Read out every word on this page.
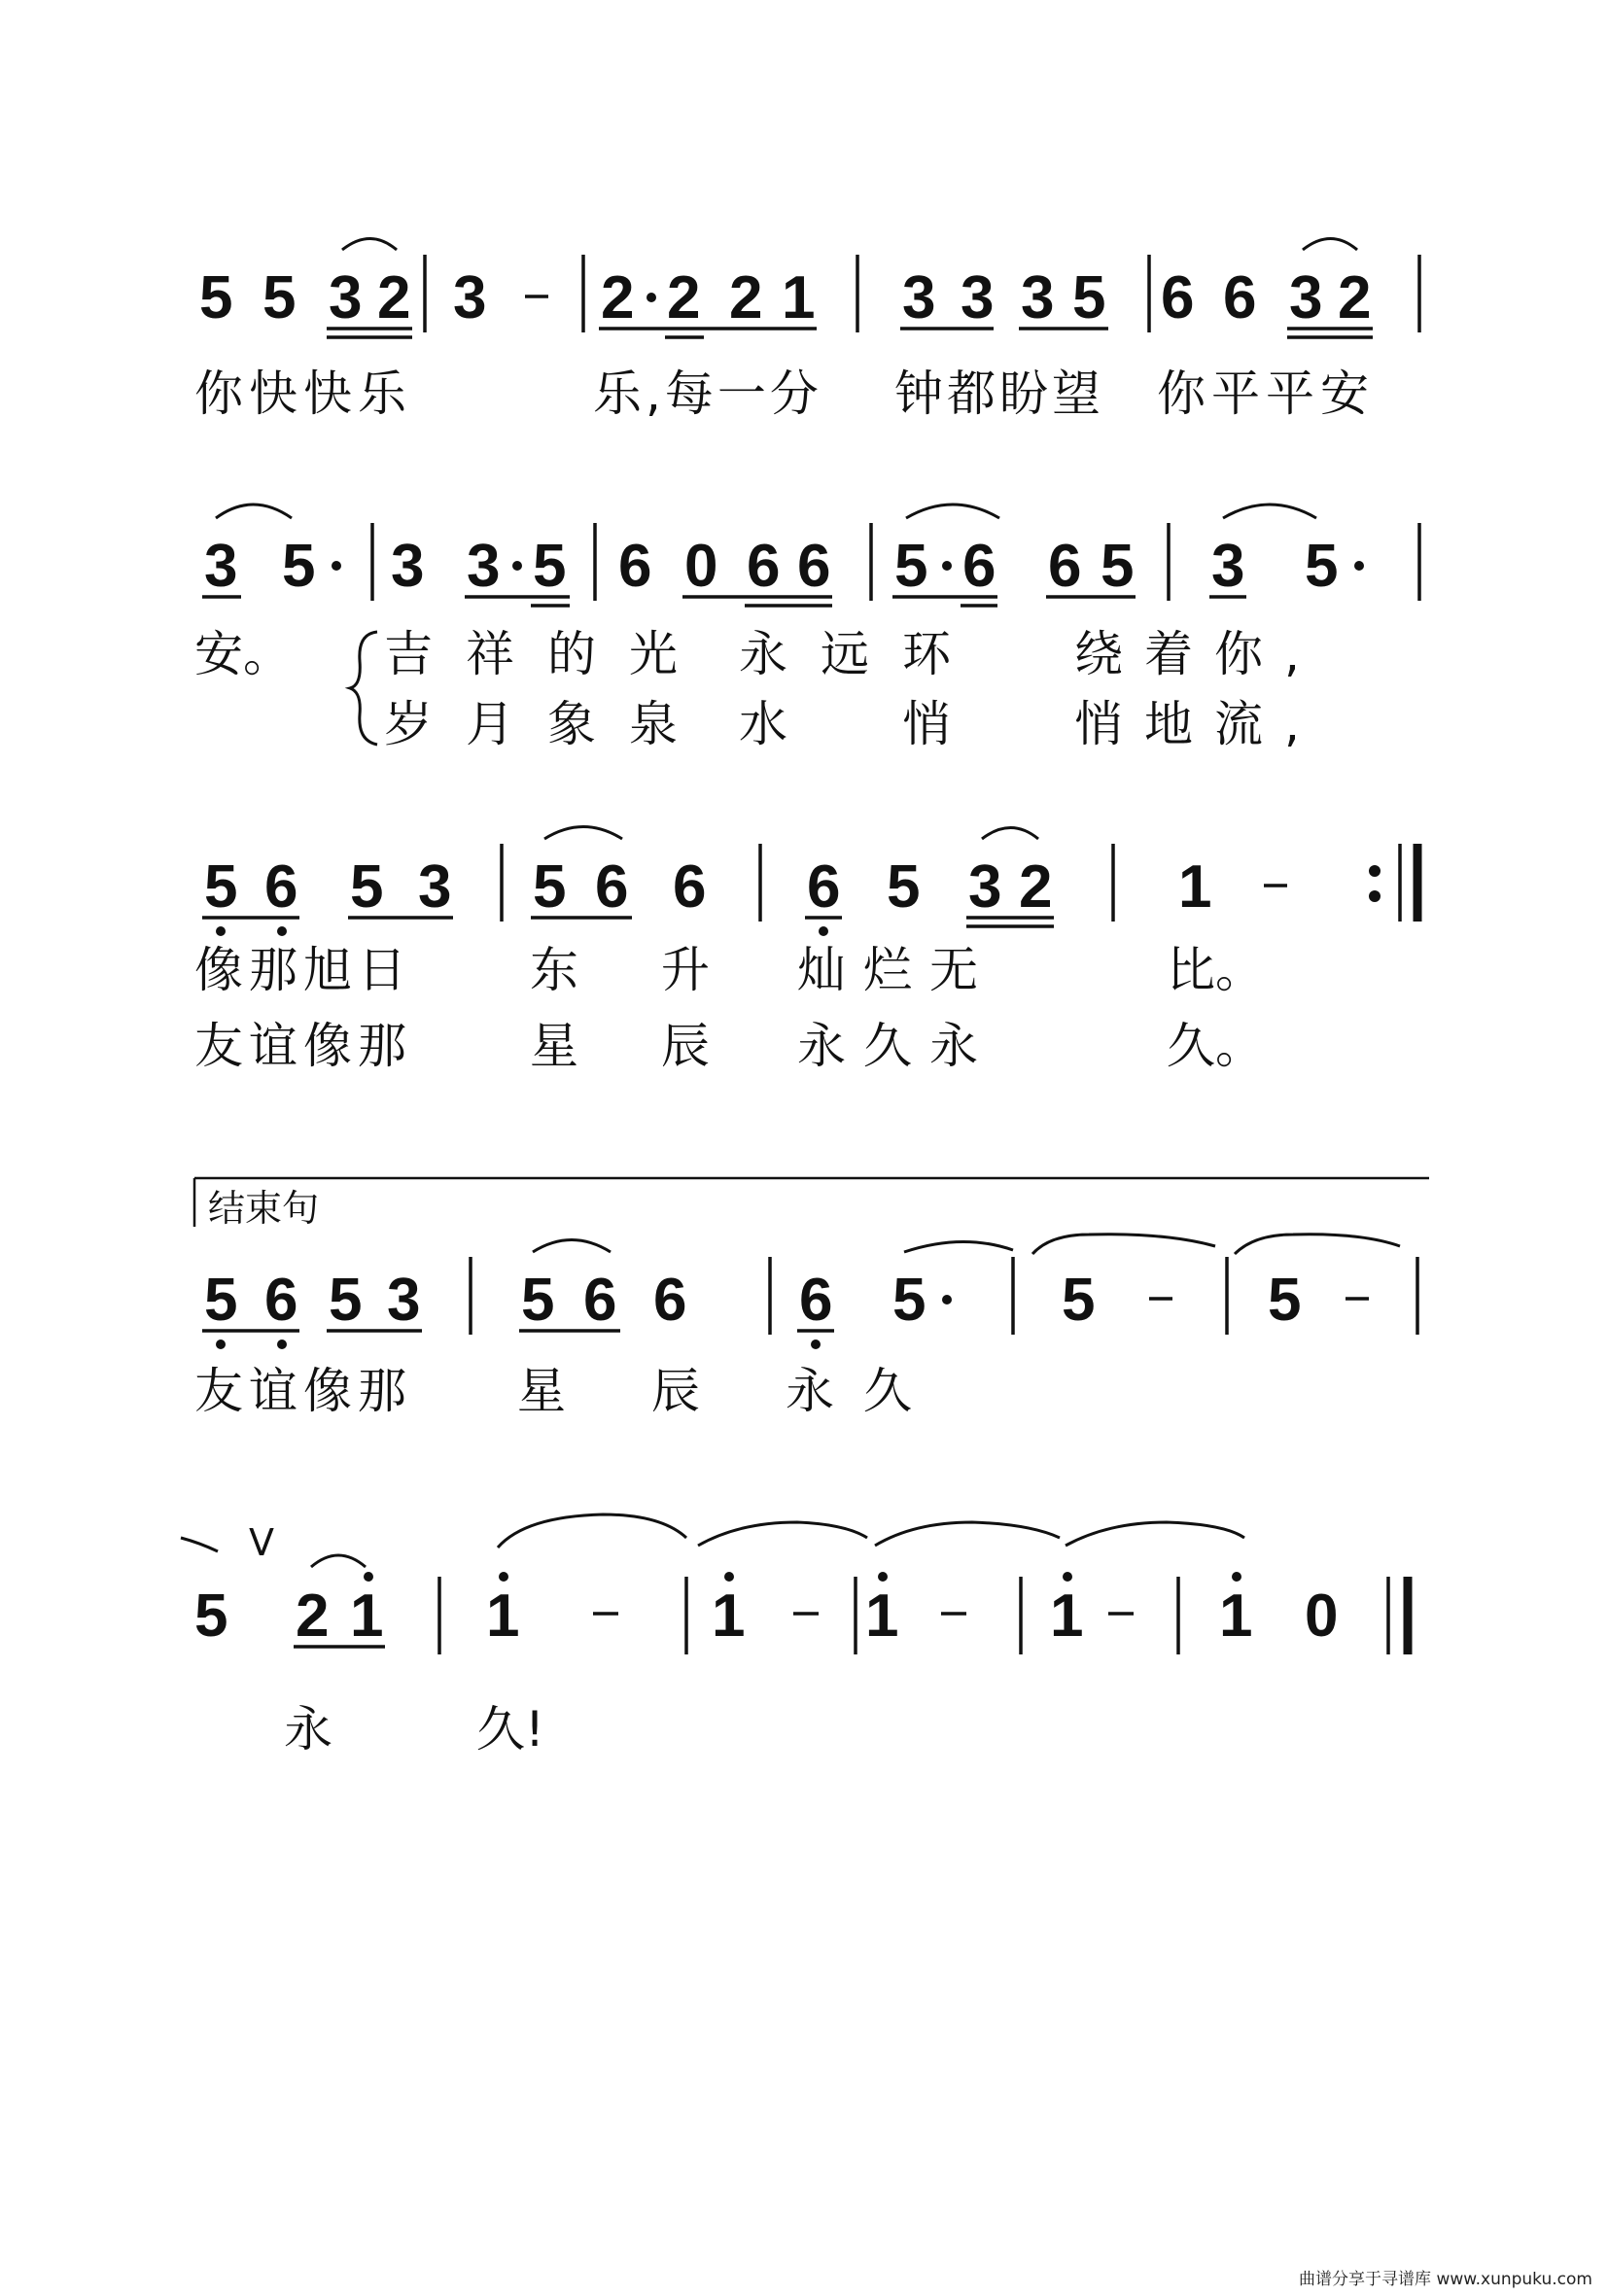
5 5 3 2 3 2 2 2 1 3 3 3 5 6 6 3 2
你快快乐	乐,每一分 钟都盼望 你平平安
3 5 3 3 5 6 0 6 6 5 6 6 5 3 5
安。 吉祥的光 永远环 绕着你,
岁月象泉 水悄 悄地流,
5 6 5 3 5 6 6 6 5 3 2 1
像那旭日 东 升 灿烂无	比。
友谊像那 星 辰 永久永	久。
结束句
5 6 5 3 5 6 6 6 5 5	5
友谊像那 星 辰 永久
V
5 2 1 1	1 1	1 1 0
永	久!
曲谱分享于寻谱库 www.xunpuku.com
